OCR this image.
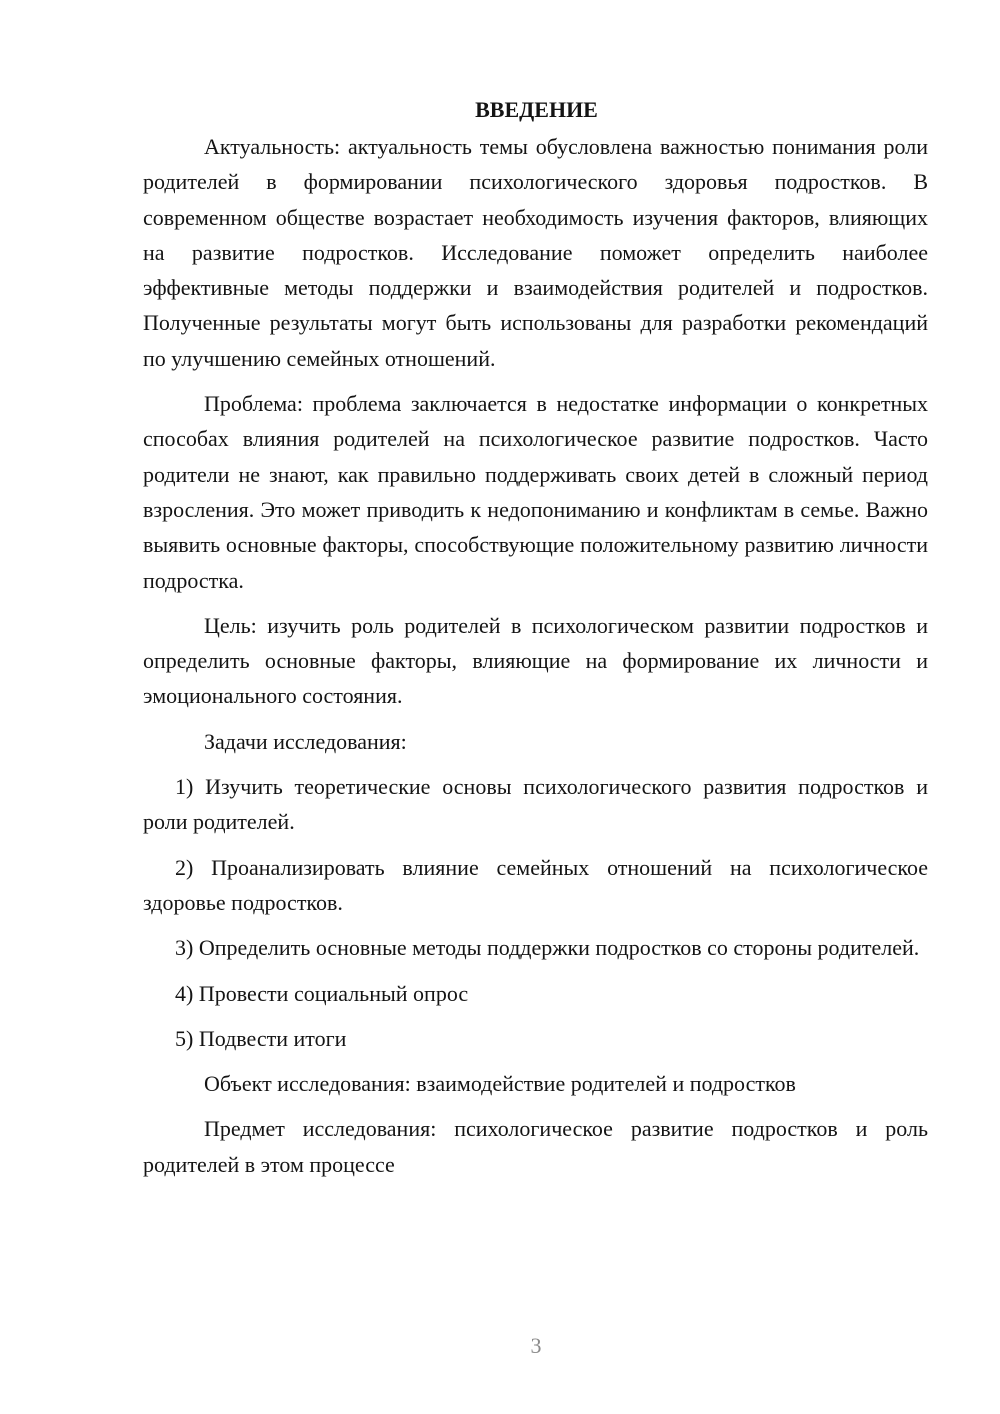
ВВЕДЕНИЕ

Актуальность: актуальность темы обусловлена важностью понимания роли родителей в формировании психологического здоровья подростков. В современном обществе возрастает необходимость изучения факторов, влияющих на развитие подростков. Исследование поможет определить наиболее эффективные методы поддержки и взаимодействия родителей и подростков. Полученные результаты могут быть использованы для разработки рекомендаций по улучшению семейных отношений.

Проблема: проблема заключается в недостатке информации о конкретных способах влияния родителей на психологическое развитие подростков. Часто родители не знают, как правильно поддерживать своих детей в сложный период взросления. Это может приводить к недопониманию и конфликтам в семье. Важно выявить основные факторы, способствующие положительному развитию личности подростка.

Цель: изучить роль родителей в психологическом развитии подростков и определить основные факторы, влияющие на формирование их личности и эмоционального состояния.

Задачи исследования:

1) Изучить теоретические основы психологического развития подростков и роли родителей.

2) Проанализировать влияние семейных отношений на психологическое здоровье подростков.

3) Определить основные методы поддержки подростков со стороны родителей.

4) Провести социальный опрос

5) Подвести итоги

Объект исследования: взаимодействие родителей и подростков

Предмет исследования: психологическое развитие подростков и роль родителей в этом процессе

3
